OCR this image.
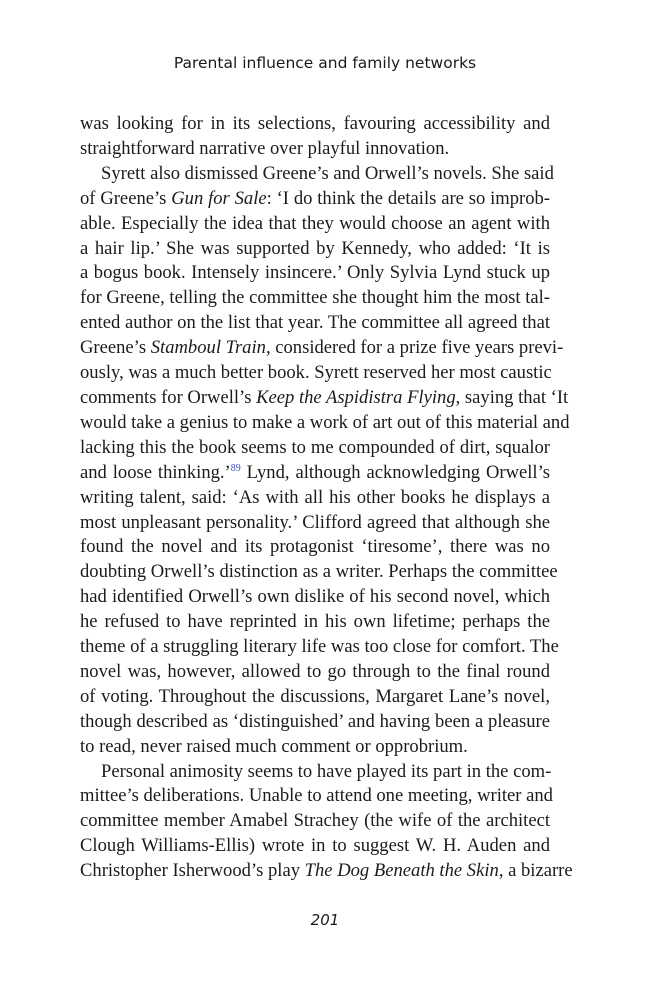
Parental influence and family networks

was looking for in its selections, favouring accessibility and
straightforward narrative over playful innovation.

Syrett also dismissed Greene’s and Orwell’s novels. She said
of Greene’s Gun for Sale: ‘I do think the details are so improb-
able. Especially the idea that they would choose an agent with
a hair lip.’ She was supported by Kennedy, who added: ‘It is
a bogus book. Intensely insincere.’ Only Sylvia Lynd stuck up
for Greene, telling the committee she thought him the most tal-
ented author on the list that year. The committee all agreed that
Greene’s Stamboul Train, considered for a prize five years previ-
ously, was a much better book. Syrett reserved her most caustic
comments for Orwell’s Keep the Aspidistra Flying, saying that ‘It
would take a genius to make a work of art out of this material and
lacking this the book seems to me compounded of dirt, squalor
and loose thinking.’$^{89}$ Lynd, although acknowledging Orwell’s
writing talent, said: ‘As with all his other books he displays a
most unpleasant personality.’ Clifford agreed that although she
found the novel and its protagonist ‘tiresome’, there was no
doubting Orwell’s distinction as a writer. Perhaps the committee
had identified Orwell’s own dislike of his second novel, which
he refused to have reprinted in his own lifetime; perhaps the
theme of a struggling literary life was too close for comfort. The
novel was, however, allowed to go through to the final round
of voting. Throughout the discussions, Margaret Lane’s novel,
though described as ‘distinguished’ and having been a pleasure
to read, never raised much comment or opprobrium.

Personal animosity seems to have played its part in the com-
mittee’s deliberations. Unable to attend one meeting, writer and
committee member Amabel Strachey (the wife of the architect
Clough Williams-Ellis) wrote in to suggest W. H. Auden and
Christopher Isherwood’s play The Dog Beneath the Skin, a bizarre

201
